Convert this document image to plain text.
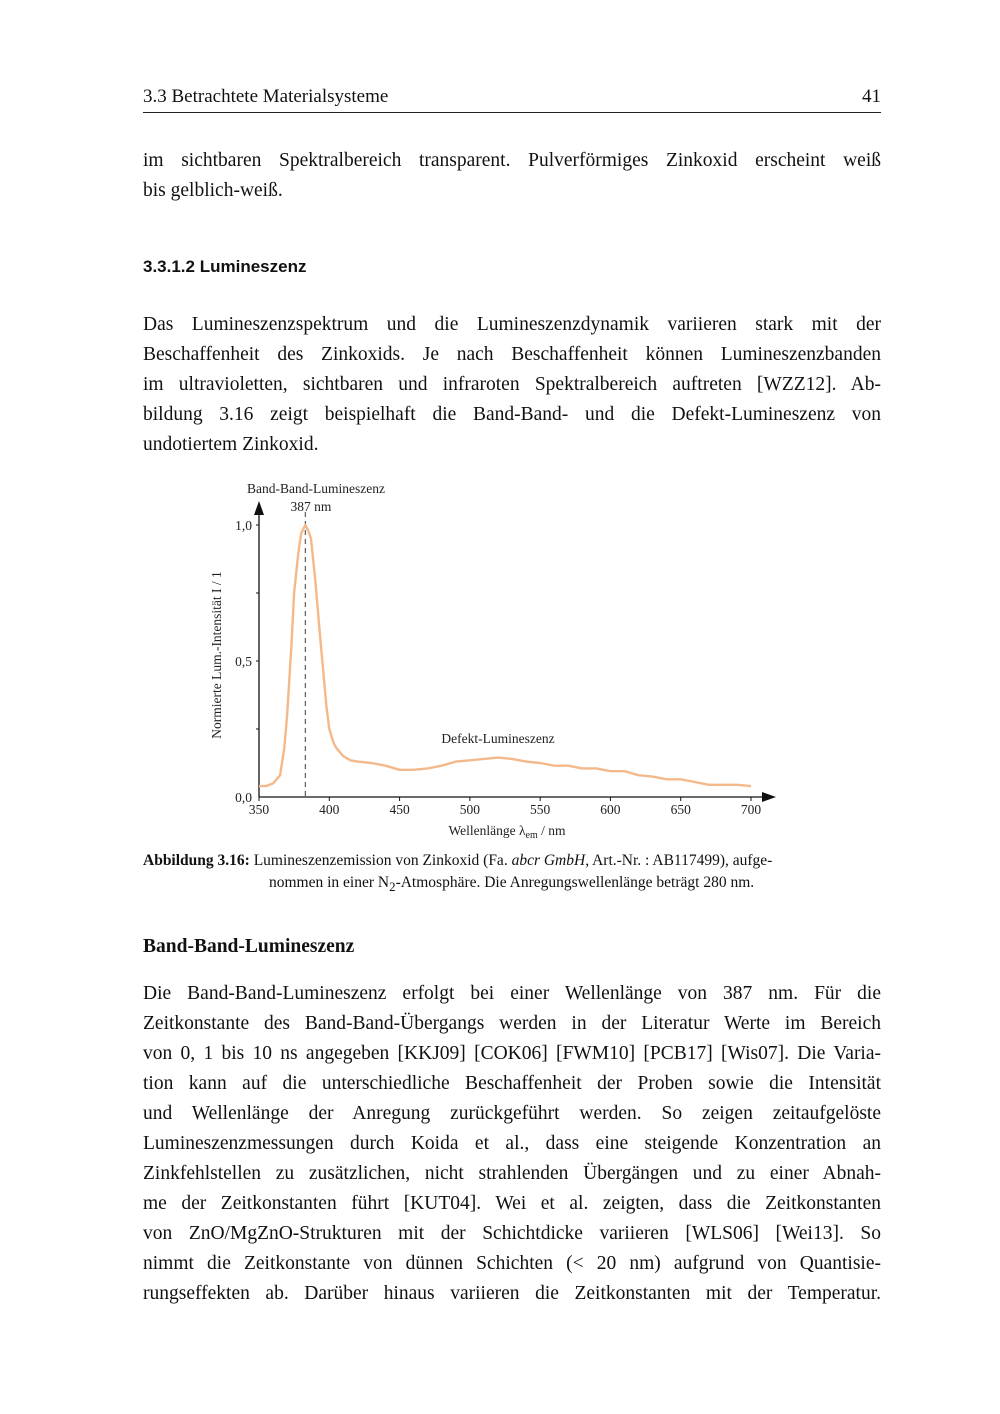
3.3 Betrachtete Materialsysteme	41
im sichtbaren Spektralbereich transparent. Pulverförmiges Zinkoxid erscheint weiß
bis gelblich-weiß.
3.3.1.2 Lumineszenz
Das Lumineszenzspektrum und die Lumineszenzdynamik variieren stark mit der
Beschaffenheit des Zinkoxids. Je nach Beschaffenheit können Lumineszenzbanden
im ultravioletten, sichtbaren und infraroten Spektralbereich auftreten [WZZ12]. Ab-
bildung 3.16 zeigt beispielhaft die Band-Band- und die Defekt-Lumineszenz von
undotiertem Zinkoxid.
Band-Band-Lumineszenz
387 nm
Defekt-Lumineszenz
350	400	450	500	550	600	650	700
0,0
0,5
1,0
Wellenlänge $\lambda_{em}$ / nm
Normierte Lum.-Intensität I / 1
Abbildung 3.16: Lumineszenzemission von Zinkoxid (Fa. abcr GmbH, Art.-Nr. : AB117499), aufge-
nommen in einer $N_2$-Atmosphäre. Die Anregungswellenlänge beträgt 280 nm.
Band-Band-Lumineszenz
Die Band-Band-Lumineszenz erfolgt bei einer Wellenlänge von 387 nm. Für die
Zeitkonstante des Band-Band-Übergangs werden in der Literatur Werte im Bereich
von 0, 1 bis 10 ns angegeben [KKJ09] [COK06] [FWM10] [PCB17] [Wis07]. Die Varia-
tion kann auf die unterschiedliche Beschaffenheit der Proben sowie die Intensität
und Wellenlänge der Anregung zurückgeführt werden. So zeigen zeitaufgelöste
Lumineszenzmessungen durch Koida et al., dass eine steigende Konzentration an
Zinkfehlstellen zu zusätzlichen, nicht strahlenden Übergängen und zu einer Abnah-
me der Zeitkonstanten führt [KUT04]. Wei et al. zeigten, dass die Zeitkonstanten
von ZnO/MgZnO-Strukturen mit der Schichtdicke variieren [WLS06] [Wei13]. So
nimmt die Zeitkonstante von dünnen Schichten (< 20 nm) aufgrund von Quantisie-
rungseffekten ab. Darüber hinaus variieren die Zeitkonstanten mit der Temperatur.
